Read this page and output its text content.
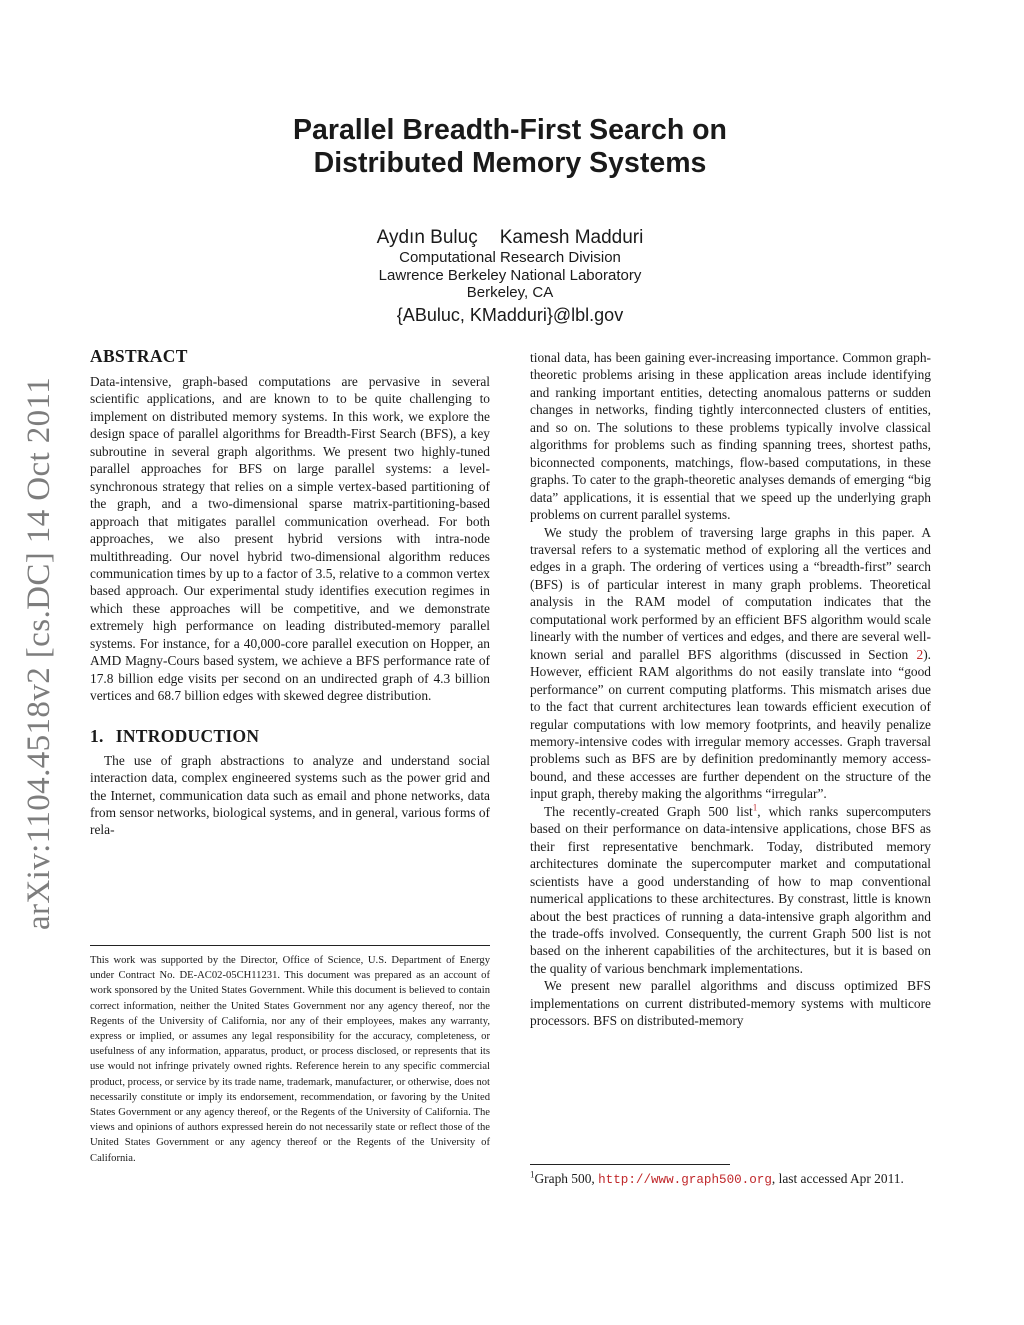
Parallel Breadth-First Search on
Distributed Memory Systems
Aydın Buluç Kamesh Madduri
Computational Research Division
Lawrence Berkeley National Laboratory
Berkeley, CA
{ABuluc, KMadduri}@lbl.gov
arXiv:1104.4518v2 [cs.DC] 14 Oct 2011
ABSTRACT

Data-intensive, graph-based computations are pervasive in several scientific applications, and are known to to be quite challenging to implement on distributed memory systems. In this work, we explore the design space of parallel algorithms for Breadth-First Search (BFS), a key subroutine in several graph algorithms. We present two highly-tuned parallel approaches for BFS on large parallel systems: a level-synchronous strategy that relies on a simple vertex-based partitioning of the graph, and a two-dimensional sparse matrix-partitioning-based approach that mitigates parallel communication overhead. For both approaches, we also present hybrid versions with intra-node multithreading. Our novel hybrid two-dimensional algorithm reduces communication times by up to a factor of 3.5, relative to a common vertex based approach. Our experimental study identifies execution regimes in which these approaches will be competitive, and we demonstrate extremely high performance on leading distributed-memory parallel systems. For instance, for a 40,000-core parallel execution on Hopper, an AMD Magny-Cours based system, we achieve a BFS performance rate of 17.8 billion edge visits per second on an undirected graph of 4.3 billion vertices and 68.7 billion edges with skewed degree distribution.

1. INTRODUCTION

The use of graph abstractions to analyze and understand social interaction data, complex engineered systems such as the power grid and the Internet, communication data such as email and phone networks, data from sensor networks, biological systems, and in general, various forms of rela-

This work was supported by the Director, Office of Science, U.S. Department of Energy under Contract No. DE-AC02-05CH11231. This document was prepared as an account of work sponsored by the United States Government. While this document is believed to contain correct information, neither the United States Government nor any agency thereof, nor the Regents of the University of California, nor any of their employees, makes any warranty, express or implied, or assumes any legal responsibility for the accuracy, completeness, or usefulness of any information, apparatus, product, or process disclosed, or represents that its use would not infringe privately owned rights. Reference herein to any specific commercial product, process, or service by its trade name, trademark, manufacturer, or otherwise, does not necessarily constitute or imply its endorsement, recommendation, or favoring by the United States Government or any agency thereof, or the Regents of the University of California. The views and opinions of authors expressed herein do not necessarily state or reflect those of the United States Government or any agency thereof or the Regents of the University of California.

tional data, has been gaining ever-increasing importance. Common graph-theoretic problems arising in these application areas include identifying and ranking important entities, detecting anomalous patterns or sudden changes in networks, finding tightly interconnected clusters of entities, and so on. The solutions to these problems typically involve classical algorithms for problems such as finding spanning trees, shortest paths, biconnected components, matchings, flow-based computations, in these graphs. To cater to the graph-theoretic analyses demands of emerging “big data” applications, it is essential that we speed up the underlying graph problems on current parallel systems.

We study the problem of traversing large graphs in this paper. A traversal refers to a systematic method of exploring all the vertices and edges in a graph. The ordering of vertices using a “breadth-first” search (BFS) is of particular interest in many graph problems. Theoretical analysis in the RAM model of computation indicates that the computational work performed by an efficient BFS algorithm would scale linearly with the number of vertices and edges, and there are several well-known serial and parallel BFS algorithms (discussed in Section 2). However, efficient RAM algorithms do not easily translate into “good performance” on current computing platforms. This mismatch arises due to the fact that current architectures lean towards efficient execution of regular computations with low memory footprints, and heavily penalize memory-intensive codes with irregular memory accesses. Graph traversal problems such as BFS are by definition predominantly memory access-bound, and these accesses are further dependent on the structure of the input graph, thereby making the algorithms “irregular”.

The recently-created Graph 500 list$^1$, which ranks supercomputers based on their performance on data-intensive applications, chose BFS as their first representative benchmark. Today, distributed memory architectures dominate the supercomputer market and computational scientists have a good understanding of how to map conventional numerical applications to these architectures. By constrast, little is known about the best practices of running a data-intensive graph algorithm and the trade-offs involved. Consequently, the current Graph 500 list is not based on the inherent capabilities of the architectures, but it is based on the quality of various benchmark implementations.

We present new parallel algorithms and discuss optimized BFS implementations on current distributed-memory systems with multicore processors. BFS on distributed-memory

$^1$Graph 500, http://www.graph500.org, last accessed Apr 2011.
